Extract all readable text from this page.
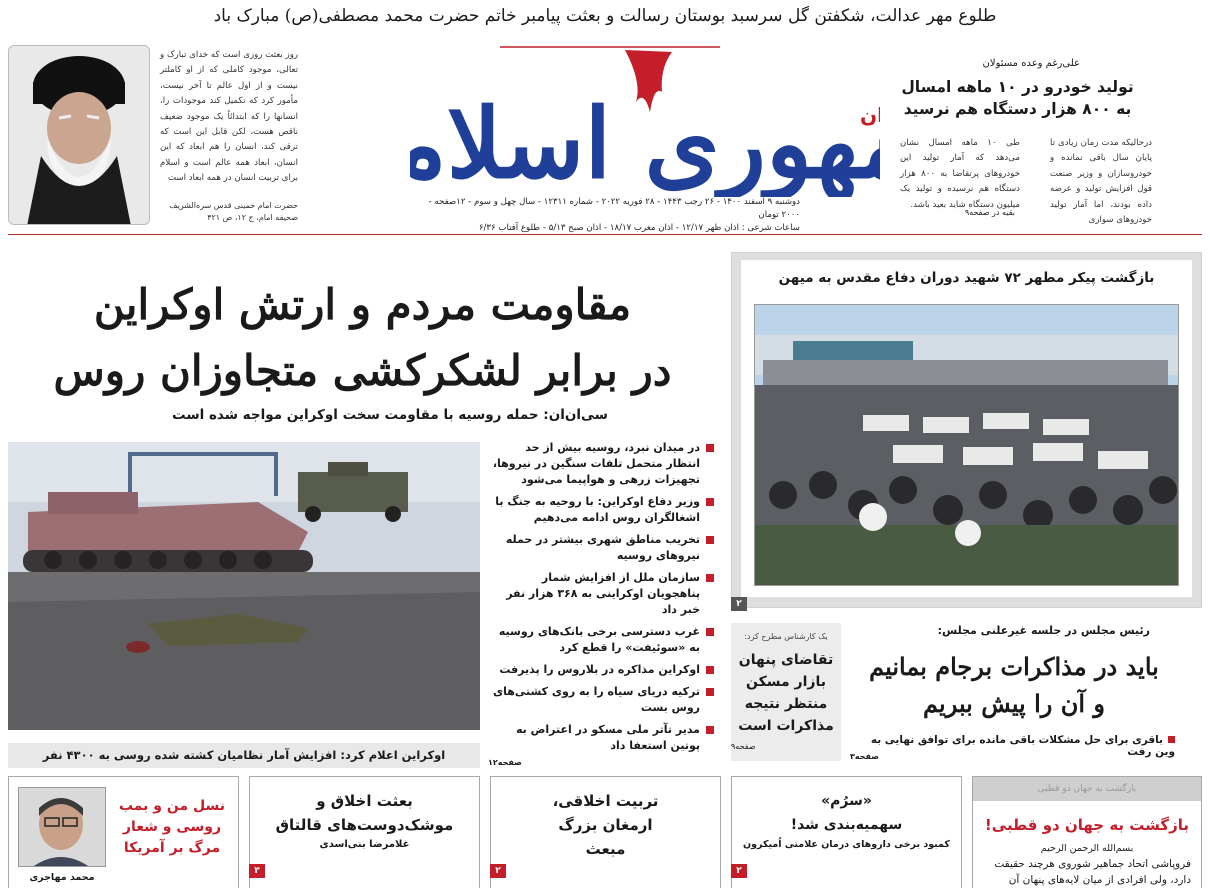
طلوع مهر عدالت، شکفتن گل سرسبد بوستان رسالت و بعثت پیامبر خاتم حضرت محمد مصطفی(ص) مبارک باد
روز بعثت روزی است که خدای تبارک و تعالی، موجود کاملی که از او کاملتر نیست و از اول عالم تا آخر نیست، مأمور کرد که تکمیل کند موجودات را، انسانها را که ابتدائاً یک موجود ضعیف ناقص هست، لکن قابل این است که ترقی کند، انسان را هم ابعاد که این انسان، ابعاد همه عالم است و اسلام برای تربیت انسان در همه ابعاد است
حضرت امام خمینی قدس سره‌الشریف
صحیفه امام، ج ۱۲، ص ۴۲۱
هوری اسلام	ن
دوشنبه ۹ اسفند ۱۴۰۰ - ۲۶ رجب ۱۴۴۳ - ۲۸ فوریه ۲۰۲۲ - شماره ۱۲۳۱۱ - سال چهل و سوم - ۱۲صفحه - ۲۰۰۰ تومان
ساعات شرعی : اذان ظهر ۱۲/۱۷ - اذان مغرب ۱۸/۱۷ - اذان صبح ۵/۱۳ - طلوع آفتاب ۶/۳۶
علی‌رغم وعده مسئولان
تولید خودرو در ۱۰ ماهه امسال
به ۸۰۰ هزار دستگاه هم نرسید
درحالیکه مدت زمان زیادی تا پایان سال باقی نمانده و خودروسازان و وزیر صنعت قول افزایش تولید و عرضه داده بودند، اما آمار تولید خودروهای سواری
طی ۱۰ ماهه امسال نشان می‌دهد که آمار تولید این خودروهای پرتقاضا به ۸۰۰ هزار دستگاه هم نرسیده و تولید یک میلیون دستگاه شاید بعید باشد.
بقیه در صفحه۹
مقاومت مردم و ارتش اوکراین
در برابر لشکرکشی متجاوزان روس
سی‌ان‌ان: حمله روسیه با مقاومت سخت اوکراین مواجه شده است
اوکراین اعلام کرد: افزایش آمار نظامیان کشته شده روسی به ۴۳۰۰ نفر
در میدان نبرد، روسیه بیش از حد انتظار متحمل تلفات سنگین در نیروها، تجهیزات زرهی و هواپیما می‌شود
وزیر دفاع اوکراین: با روحیه به جنگ با اشغالگران روس ادامه می‌دهیم
تخریب مناطق شهری بیشتر در حمله نیروهای روسیه
سازمان ملل از افزایش شمار پناهجویان اوکراینی به ۳۶۸ هزار نفر خبر داد
غرب دسترسی برخی بانک‌های روسیه به «سوئیفت» را قطع کرد
اوکراین مذاکره در بلاروس را پذیرفت
ترکیه دریای سیاه را به روی کشتی‌های روس بست
مدیر تآتر ملی مسکو در اعتراض به پوتین استعفا داد
صفحه۱۲
بازگشت پیکر مطهر ۷۲ شهید دوران دفاع مقدس به میهن
۲
رئیس مجلس در جلسه غیرعلنی مجلس:
باید در مذاکرات برجام بمانیم
و آن را پیش ببریم
باقری برای حل مشکلات باقی مانده برای توافق نهایی به وین رفت
صفحه۳
یک کارشناس مطرح کرد:
تقاضای پنهان
بازار مسکن
منتظر نتیجه
مذاکرات است
صفحه۹
بازگشت به جهان دو قطبی
بازگشت به جهان دو قطبی!
بسم‌الله الرحمن الرحیم
فروپاشی اتحاد جماهیر شوروی هرچند حقیقت
دارد، ولی افرادی از میان لایه‌های پنهان آن
«سرُم»
سهمیه‌بندی شد!
کمبود برخی داروهای درمان علامتی اُمیکرون
۲
تربیت اخلاقی،
ارمغان بزرگ
مبعث
۲
بعثت اخلاق و
موشک‌دوست‌های قالتاق
غلامرضا بنی‌اسدی
۳
نسل من و بمب
روسی و شعار
مرگ بر آمریکا
محمد مهاجری
